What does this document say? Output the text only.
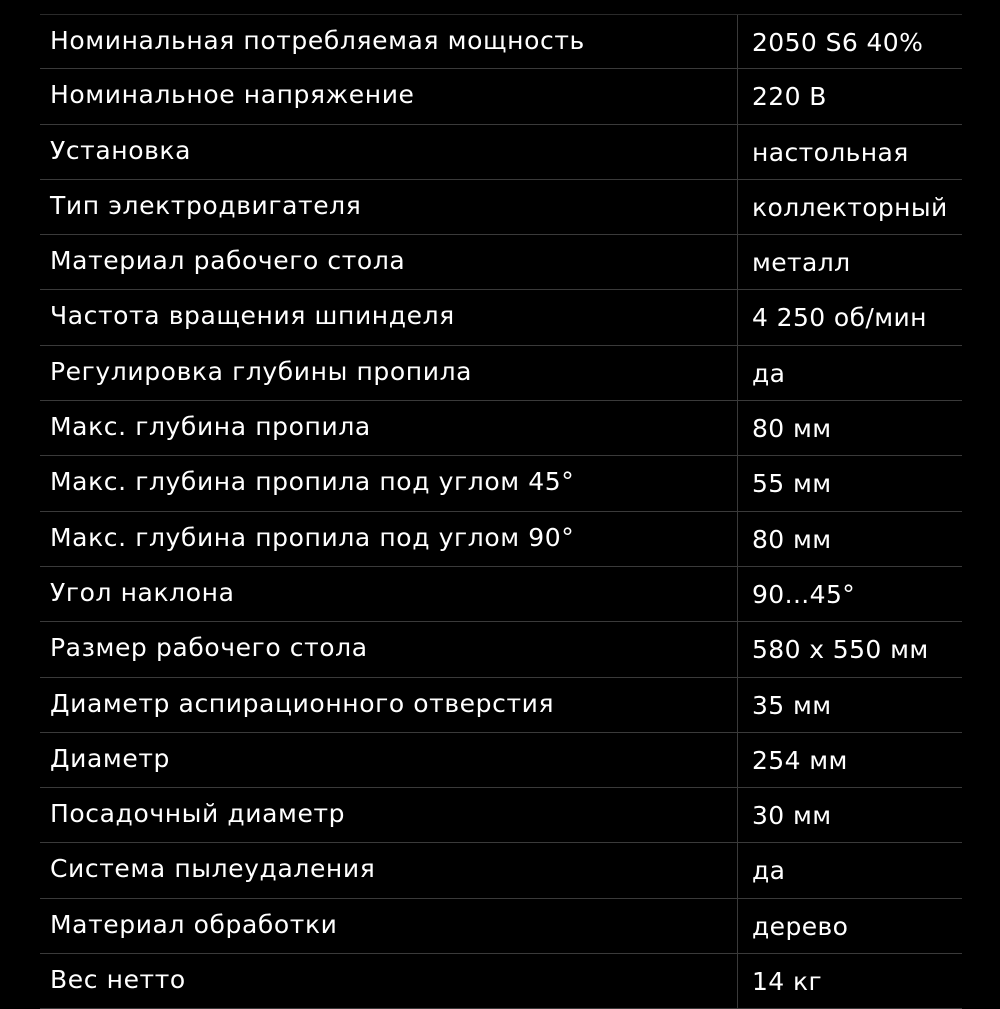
Номинальная потребляемая мощность	2050 S6 40%
Номинальное напряжение	220 В
Установка	настольная
Тип электродвигателя	коллекторный
Материал рабочего стола	металл
Частота вращения шпинделя	4 250 об/мин
Регулировка глубины пропила	да
Макс. глубина пропила	80 мм
Макс. глубина пропила под углом 45°	55 мм
Макс. глубина пропила под углом 90°	80 мм
Угол наклона	90...45°
Размер рабочего стола	580 x 550 мм
Диаметр аспирационного отверстия	35 мм
Диаметр	254 мм
Посадочный диаметр	30 мм
Система пылеудаления	да
Материал обработки	дерево
Вес нетто	14 кг
